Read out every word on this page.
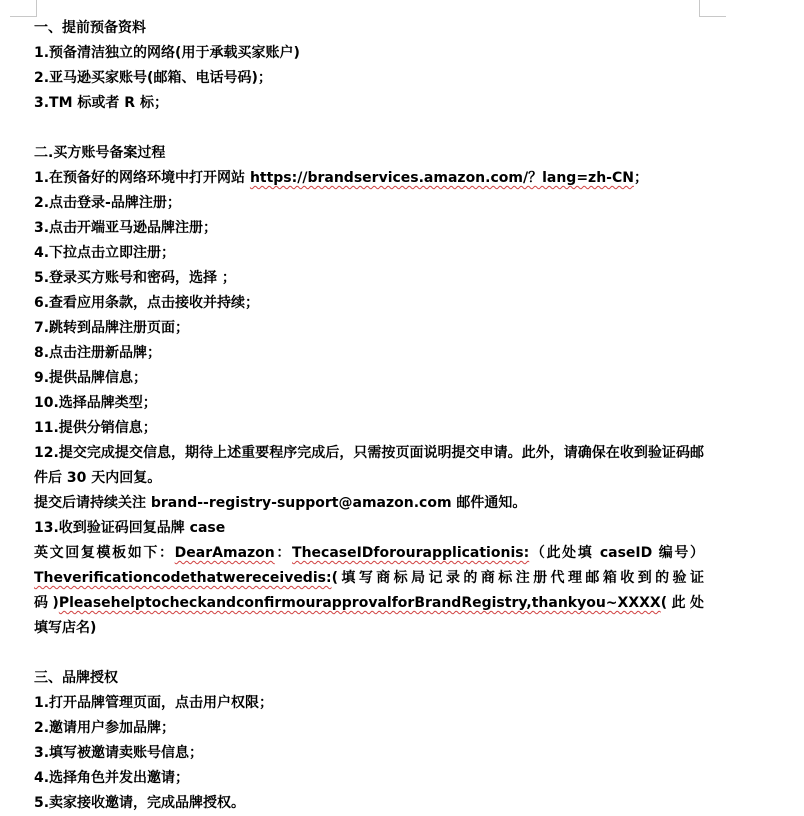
一、提前预备资料
1.预备清洁独立的网络(用于承载买家账户)
2.亚马逊买家账号(邮箱、电话号码)；
3.TM 标或者 R 标；
二.买方账号备案过程
1.在预备好的网络环境中打开网站 https://brandservices.amazon.com/？lang=zh-CN；
2.点击登录-品牌注册；
3.点击开端亚马逊品牌注册；
4.下拉点击立即注册；
5.登录买方账号和密码，选择 ；
6.查看应用条款，点击接收并持续；
7.跳转到品牌注册页面；
8.点击注册新品牌；
9.提供品牌信息；
10.选择品牌类型；
11.提供分销信息；
12.提交完成提交信息，期待上述重要程序完成后，只需按页面说明提交申请。此外，请确保在收到验证码邮件后 30 天内回复。
提交后请持续关注 brand--registry-support@amazon.com 邮件通知。
13.收到验证码回复品牌 case
英文回复模板如下：DearAmazon：ThecaseIDforourapplicationis:（此处填 caseID 编号）Theverificationcodethatwereceivedis:(填写商标局记录的商标注册代理邮箱收到的验证码)PleasehelptocheckandconfirmourapprovalforBrandRegistry,thankyou~XXXX(此处填写店名)
三、品牌授权
1.打开品牌管理页面，点击用户权限；
2.邀请用户参加品牌；
3.填写被邀请卖账号信息；
4.选择角色并发出邀请；
5.卖家接收邀请，完成品牌授权。
